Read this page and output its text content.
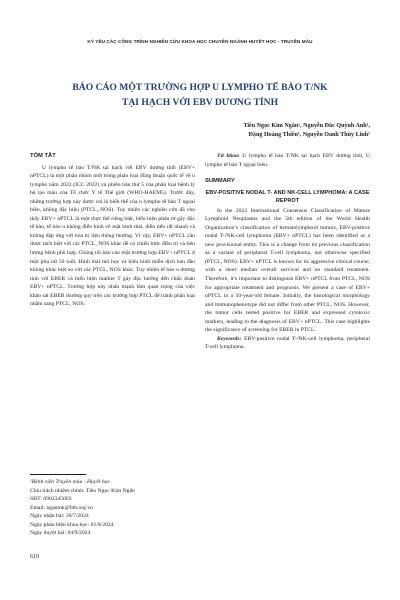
KỶ YẾU CÁC CÔNG TRÌNH NGHIÊN CỨU KHOA HỌC CHUYÊN NGÀNH HUYẾT HỌC - TRUYỀN MÁU
BÁO CÁO MỘT TRƯỜNG HỢP U LYMPHO TẾ BÀO T/NK
TẠI HẠCH VỚI EBV DƯƠNG TÍNH
Tiêu Ngọc Kim Ngân¹, Nguyễn Đắc Quỳnh Anh¹,
Đặng Hoàng Thiên¹, Nguyễn Oanh Thùy Linh¹
TÓM TẮT

U lympho tế bào T/NK tại hạch với EBV dương tính (EBV+ nPTCL) là một phân nhóm mới trong phân loại đồng thuận quốc tế về u lympho năm 2022 (ICC 2022) và phiên bản thứ 5 của phân loại bệnh lý hệ tạo máu của Tổ chức Y tế Thế giới (WHO-HAEM5). Trước đây, những trường hợp này được coi là biến thể của u lympho tế bào T ngoại biên, không đặc hiệu (PTCL, NOS). Tuy nhiên các nghiên cứu đã cho thấy EBV+ nPTCL là một thực thể riêng biệt, biểu hiện phân tử gây độc tế bào, tế bào u không điển hình về mặt hình thái, diễn tiến rất nhanh và không đáp ứng với hóa trị liệu thông thường. Vì vậy, EBV+ nPTCL cần được tách biệt với các PTCL, NOS khác để có chiến lược điều trị và tiên lượng bệnh phù hợp. Chúng tôi báo cáo một trường hợp EBV+ nPTCL ở một phụ nữ 50 tuổi. Hình thái mô học và kiểu hình miễn dịch ban đầu không khác biệt so với các PTCL, NOS khác. Tuy nhiên tế bào u dương tính với EBER và biểu hiện marker T gây độc hướng đến chẩn đoán EBV+ nPTCL. Trường hợp này nhấn mạnh tầm quan trọng của việc khảo sát EBER thường quy trên các trường hợp PTCL để tránh phân loại nhầm sang PTCL, NOS.

¹Bệnh viện Truyền máu - Huyết học
Chịu trách nhiệm chính: Tiêu Ngọc Kim Ngân
SĐT: 0902345003
Email: ngantnk@bth.org.vn
Ngày nhận bài: 30/7/2024
Ngày phản biện khoa học: 01/8/2024
Ngày duyệt bài: 04/9/2024

Từ khóa: U lympho tế bào T/NK tại hạch EBV dương tính, U lympho tế bào T ngoại biên.

SUMMARY
EBV-POSITIVE NODAL T- AND NK-CELL LYMPHOMA: A CASE REPROT

In the 2022 International Consensus Classification of Mature Lymphoid Neoplasms and the 5th edition of the World Health Organization’s classification of hematolymphoid tumors, EBV-positive nodal T-/NK-cell lymphoma (EBV+ nPTCL) has been identified as a new provisional entity. This is a change from its previous classification as a variant of peripheral T-cell lymphoma, not otherwise specified (PTCL, NOS). EBV+ nPTCL is known for its aggressive clinical course, with a short median overall survival and no standard treatment. Therefore, it’s important to distinguish EBV+ nPTCL from PTCL, NOS for appropriate treatment and prognosis. We present a case of EBV+ nPTCL in a 50-year-old female. Initially, the histological morphology and immunophenotype did not differ from other PTCL, NOS. However, the tumor cells tested positive for EBER and expressed cytotoxic markers, leading to the diagnosis of EBV+ nPTCL. This case highlights the significance of screening for EBER in PTCL.

Keywords: EBV-positive nodal T-/NK-cell lymphoma, peripheral T-cell lymphoma.

610
